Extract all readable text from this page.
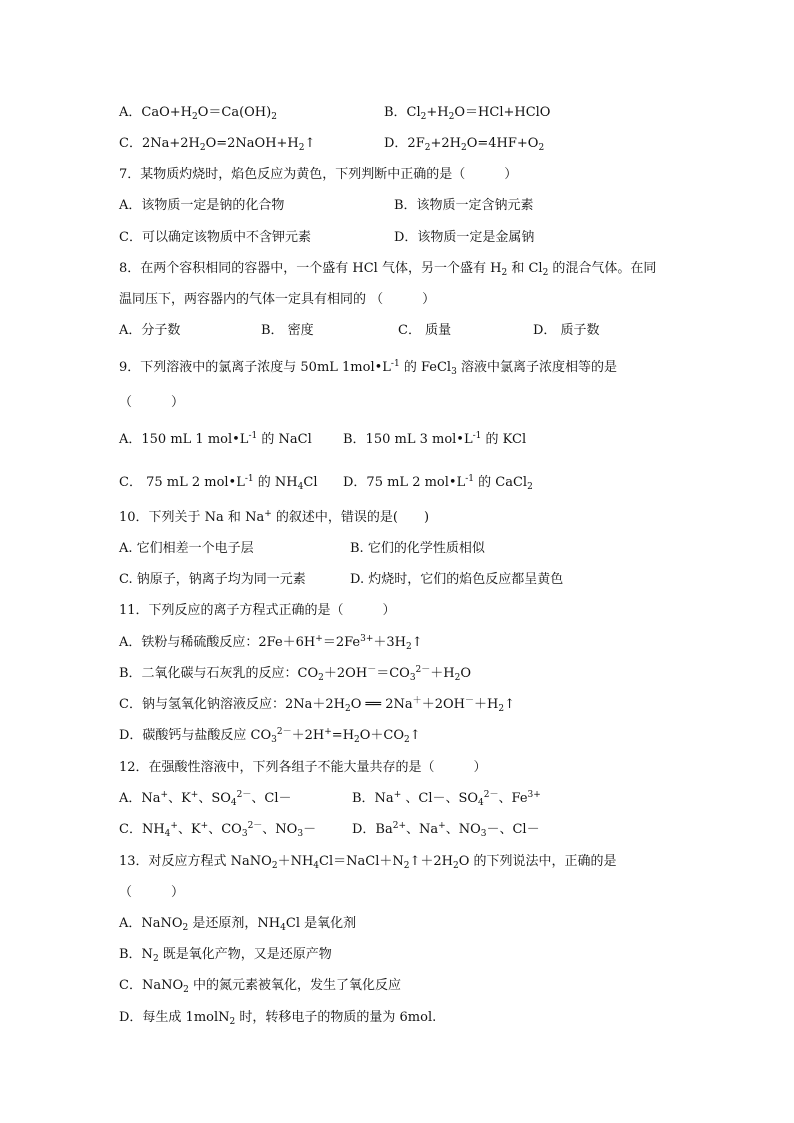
A．$CaO+H_2O=Ca(OH)_2$	B．$Cl_2+H_2O=HCl+HClO$
C．$2Na+2H_2O=2NaOH+H_2↑$	D．$2F_2+2H_2O=4HF+O_2$
7．某物质灼烧时，焰色反应为黄色，下列判断中正确的是（　　　）
A．该物质一定是钠的化合物	B．该物质一定含钠元素
C．可以确定该物质中不含钾元素	D．该物质一定是金属钠
8．在两个容积相同的容器中，一个盛有 HCl 气体，另一个盛有 $H_2$ 和 $Cl_2$ 的混合气体。在同
温同压下，两容器内的气体一定具有相同的 （　　　）
A．分子数	B． 密度	C． 质量	D． 质子数
9．下列溶液中的氯离子浓度与 50mL $1mol•L^{-1}$ 的 FeCl$_3$ 溶液中氯离子浓度相等的是
（　　　）
A．150 mL 1 $mol•L^{-1}$ 的 NaCl B．150 mL 3 $mol•L^{-1}$ 的 KCl
C． 75 mL 2 $mol•L^{-1}$ 的 $NH_4Cl$ D．75 mL 2 $mol•L^{-1}$ 的 CaCl$_2$
10．下列关于 Na 和 Na+ 的叙述中，错误的是(　　)
A. 它们相差一个电子层	B. 它们的化学性质相似
C. 钠原子，钠离子均为同一元素	D. 灼烧时，它们的焰色反应都呈黄色
11．下列反应的离子方程式正确的是（　　　）
A．铁粉与稀硫酸反应：$2Fe+6H^+=2Fe^{3+}+3H_2↑$
B．二氧化碳与石灰乳的反应：$CO_2+2OH^-=CO_3^{2-}+H_2O$
C．钠与氢氧化钠溶液反应：$2Na+2H_2O$ ══ $2Na^++2OH^-+H_2↑$
D．碳酸钙与盐酸反应 $CO_3^{2-}+2H^+=H_2O+CO_2↑$
12．在强酸性溶液中，下列各组子不能大量共存的是（　　　）
A．Na+、K+、$SO_4^{2-}$、Cl－	B．Na+ 、Cl－、$SO_4^{2-}$、$Fe^{3+}$
C．$NH_4^+$、K+、$CO_3^{2-}$、$NO_3-$	D．$Ba^{2+}$、Na+、$NO_3-$、Cl－
13．对反应方程式 $NaNO_2+NH_4Cl=NaCl+N_2↑+2H_2O$ 的下列说法中，正确的是
（　　　）
A．NaNO$_2$ 是还原剂，$NH_4Cl$ 是氧化剂
B．$N_2$ 既是氧化产物，又是还原产物
C．NaNO$_2$ 中的氮元素被氧化，发生了氧化反应
D．每生成 1molN$_2$ 时，转移电子的物质的量为 6mol.
